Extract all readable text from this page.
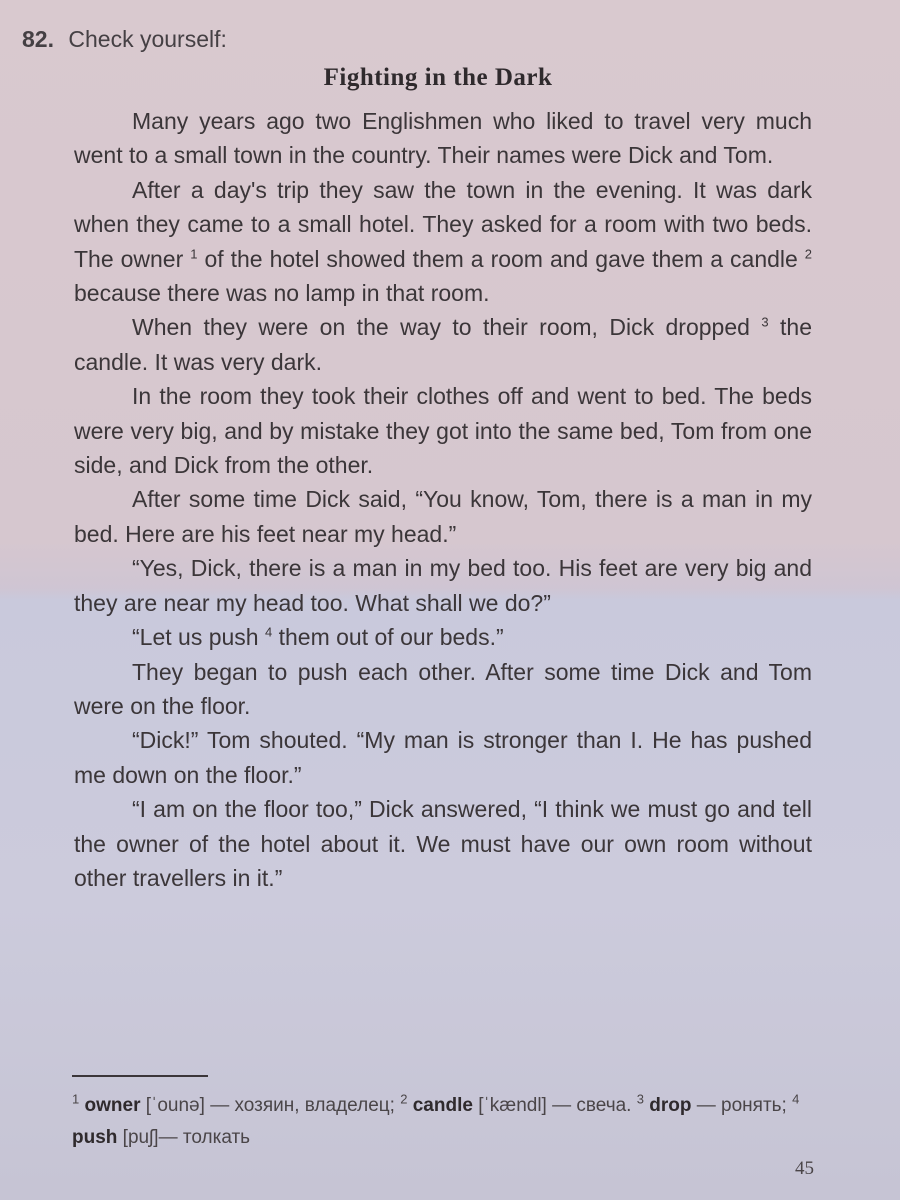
82. Check yourself:
Fighting in the Dark

Many years ago two Englishmen who liked to travel very much went to a small town in the country. Their names were Dick and Tom.

After a day's trip they saw the town in the evening. It was dark when they came to a small hotel. They asked for a room with two beds. The owner $^1$ of the hotel showed them a room and gave them a candle $^2$ because there was no lamp in that room.

When they were on the way to their room, Dick dropped $^3$ the candle. It was very dark.

In the room they took their clothes off and went to bed. The beds were very big, and by mistake they got into the same bed, Tom from one side, and Dick from the other.

After some time Dick said, “You know, Tom, there is a man in my bed. Here are his feet near my head.”

“Yes, Dick, there is a man in my bed too. His feet are very big and they are near my head too. What shall we do?”

“Let us push $^4$ them out of our beds.”

They began to push each other. After some time Dick and Tom were on the floor.

“Dick!” Tom shouted. “My man is stronger than I. He has pushed me down on the floor.”

“I am on the floor too,” Dick answered, “I think we must go and tell the owner of the hotel about it. We must have our own room without other travellers in it.”

$^1$ owner [ˈounə] — хозяин, владелец; $^2$ candle [ˈkændl] — свеча. $^3$ drop — ронять; $^4$ push [puʃ]— толкать
45
